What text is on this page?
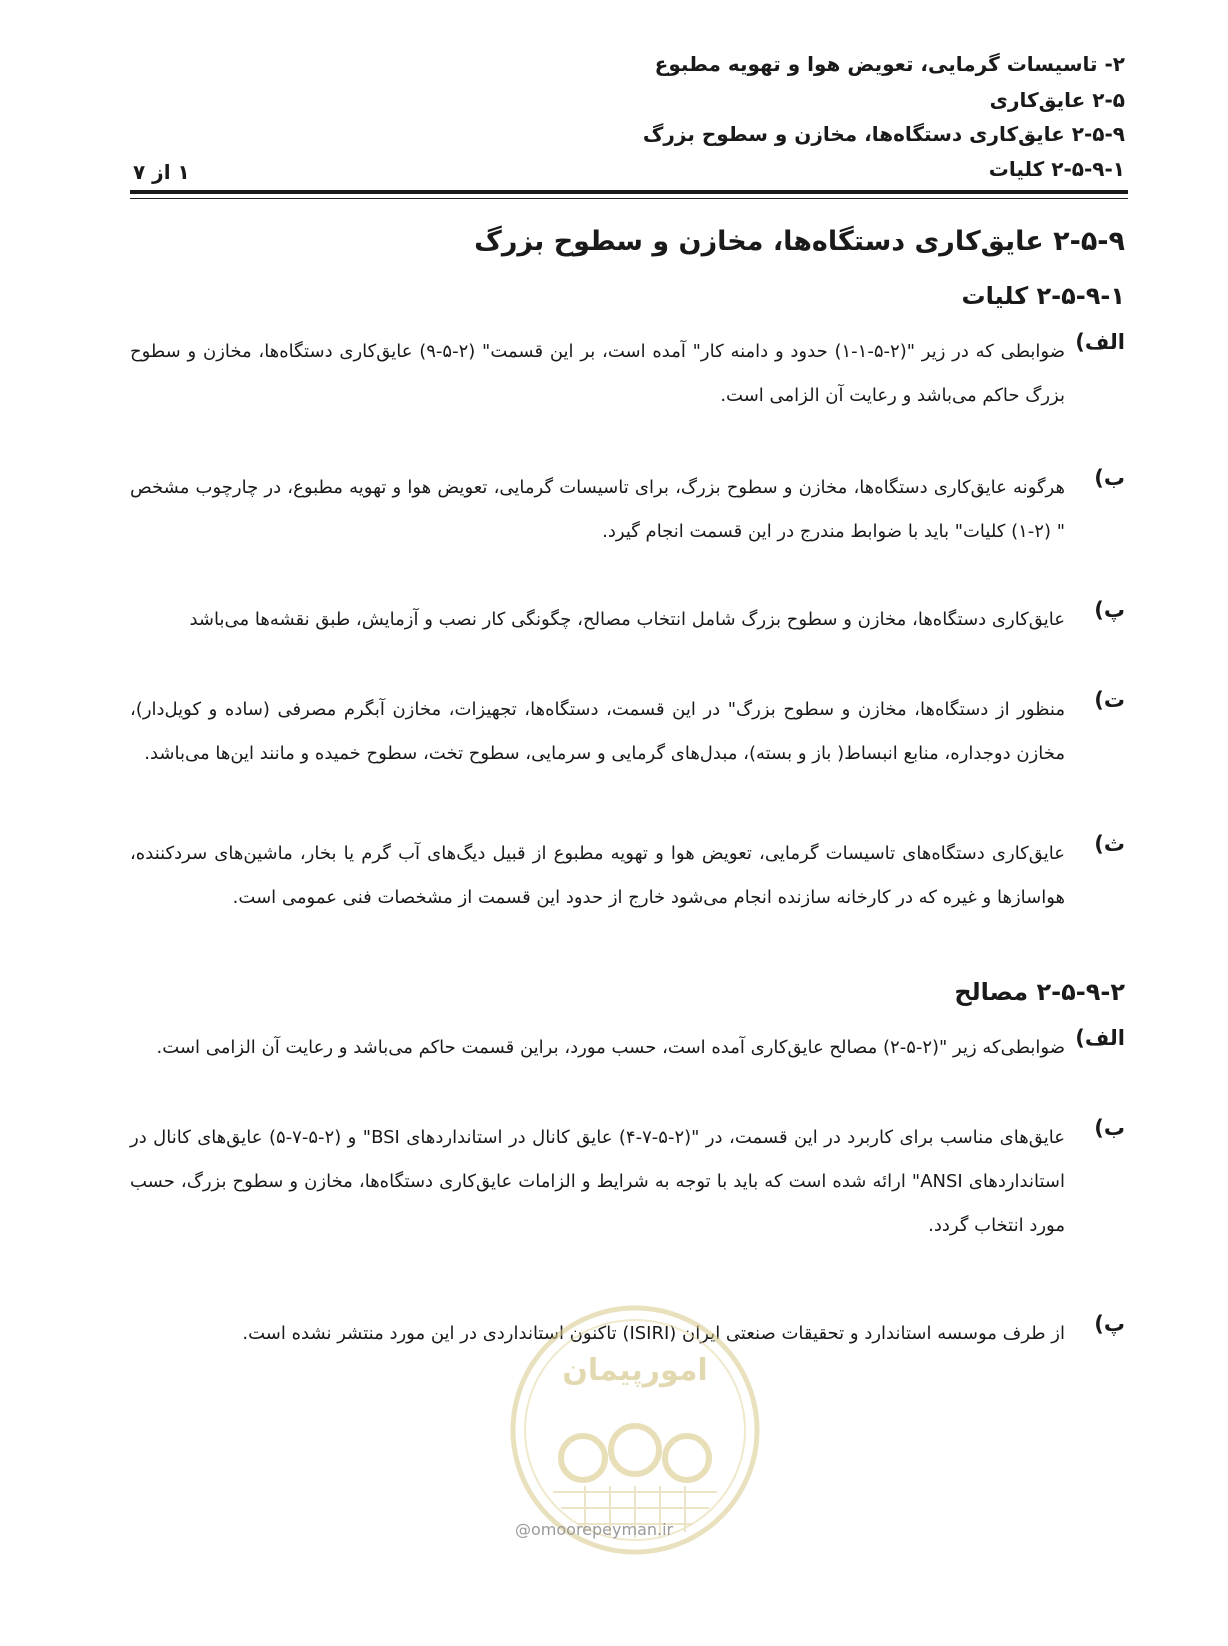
۲- تاسیسات گرمایی، تعویض هوا و تهویه مطبوع
۲-۵ عایق‌کاری
۲-۵-۹ عایق‌کاری دستگاه‌ها، مخازن و سطوح بزرگ
۲-۵-۹-۱ کلیات
۱ از ۷
۲-۵-۹ عایق‌کاری دستگاه‌ها، مخازن و سطوح بزرگ
۲-۵-۹-۱ کلیات
الف)
ضوابطی که در زیر "(۲-۵-۱-۱) حدود و دامنه کار" آمده است، بر این قسمت" (۲-۵-۹) عایق‌کاری دستگاه‌ها، مخازن و سطوح بزرگ حاکم می‌باشد و رعایت آن الزامی است.
ب)
هرگونه عایق‌کاری دستگاه‌ها، مخازن و سطوح بزرگ، برای تاسیسات گرمایی، تعویض هوا و تهویه مطبوع، در چارچوب مشخص " (۲-۱) کلیات" باید با ضوابط مندرج در این قسمت انجام گیرد.
پ)
عایق‌کاری دستگاه‌ها، مخازن و سطوح بزرگ شامل انتخاب مصالح، چگونگی کار نصب و آزمایش، طبق نقشه‌ها می‌باشد
ت)
منظور از دستگاه‌ها، مخازن و سطوح بزرگ" در این قسمت، دستگاه‌ها، تجهیزات، مخازن آبگرم مصرفی (ساده و کویل‌دار)، مخازن دوجداره، منابع انبساط( باز و بسته)، مبدل‌های گرمایی و سرمایی، سطوح تخت، سطوح خمیده و مانند این‌ها می‌باشد.
ث)
عایق‌کاری دستگاه‌های تاسیسات گرمایی، تعویض هوا و تهویه مطبوع از قبیل دیگ‌های آب گرم یا بخار، ماشین‌های سردکننده، هواسازها و غیره که در کارخانه سازنده انجام می‌شود خارج از حدود این قسمت از مشخصات فنی عمومی است.
۲-۵-۹-۲ مصالح
الف)
ضوابطی‌که زیر "(۲-۵-۲) مصالح عایق‌کاری آمده است، حسب مورد، براین قسمت حاکم می‌باشد و رعایت آن الزامی است.
ب)
عایق‌های مناسب برای کاربرد در این قسمت، در "(۲-۵-۷-۴) عایق کانال در استانداردهای BSI" و (۲-۵-۷-۵) عایق‌های کانال در استانداردهای ANSI" ارائه شده است که باید با توجه به شرایط و الزامات عایق‌کاری دستگاه‌ها، مخازن و سطوح بزرگ، حسب مورد انتخاب گردد.
پ)
از طرف موسسه استاندارد و تحقیقات صنعتی ایران (ISIRI) تاکنون استانداردی در این مورد منتشر نشده است.
امورپیمان
@omoorepeyman.ir
